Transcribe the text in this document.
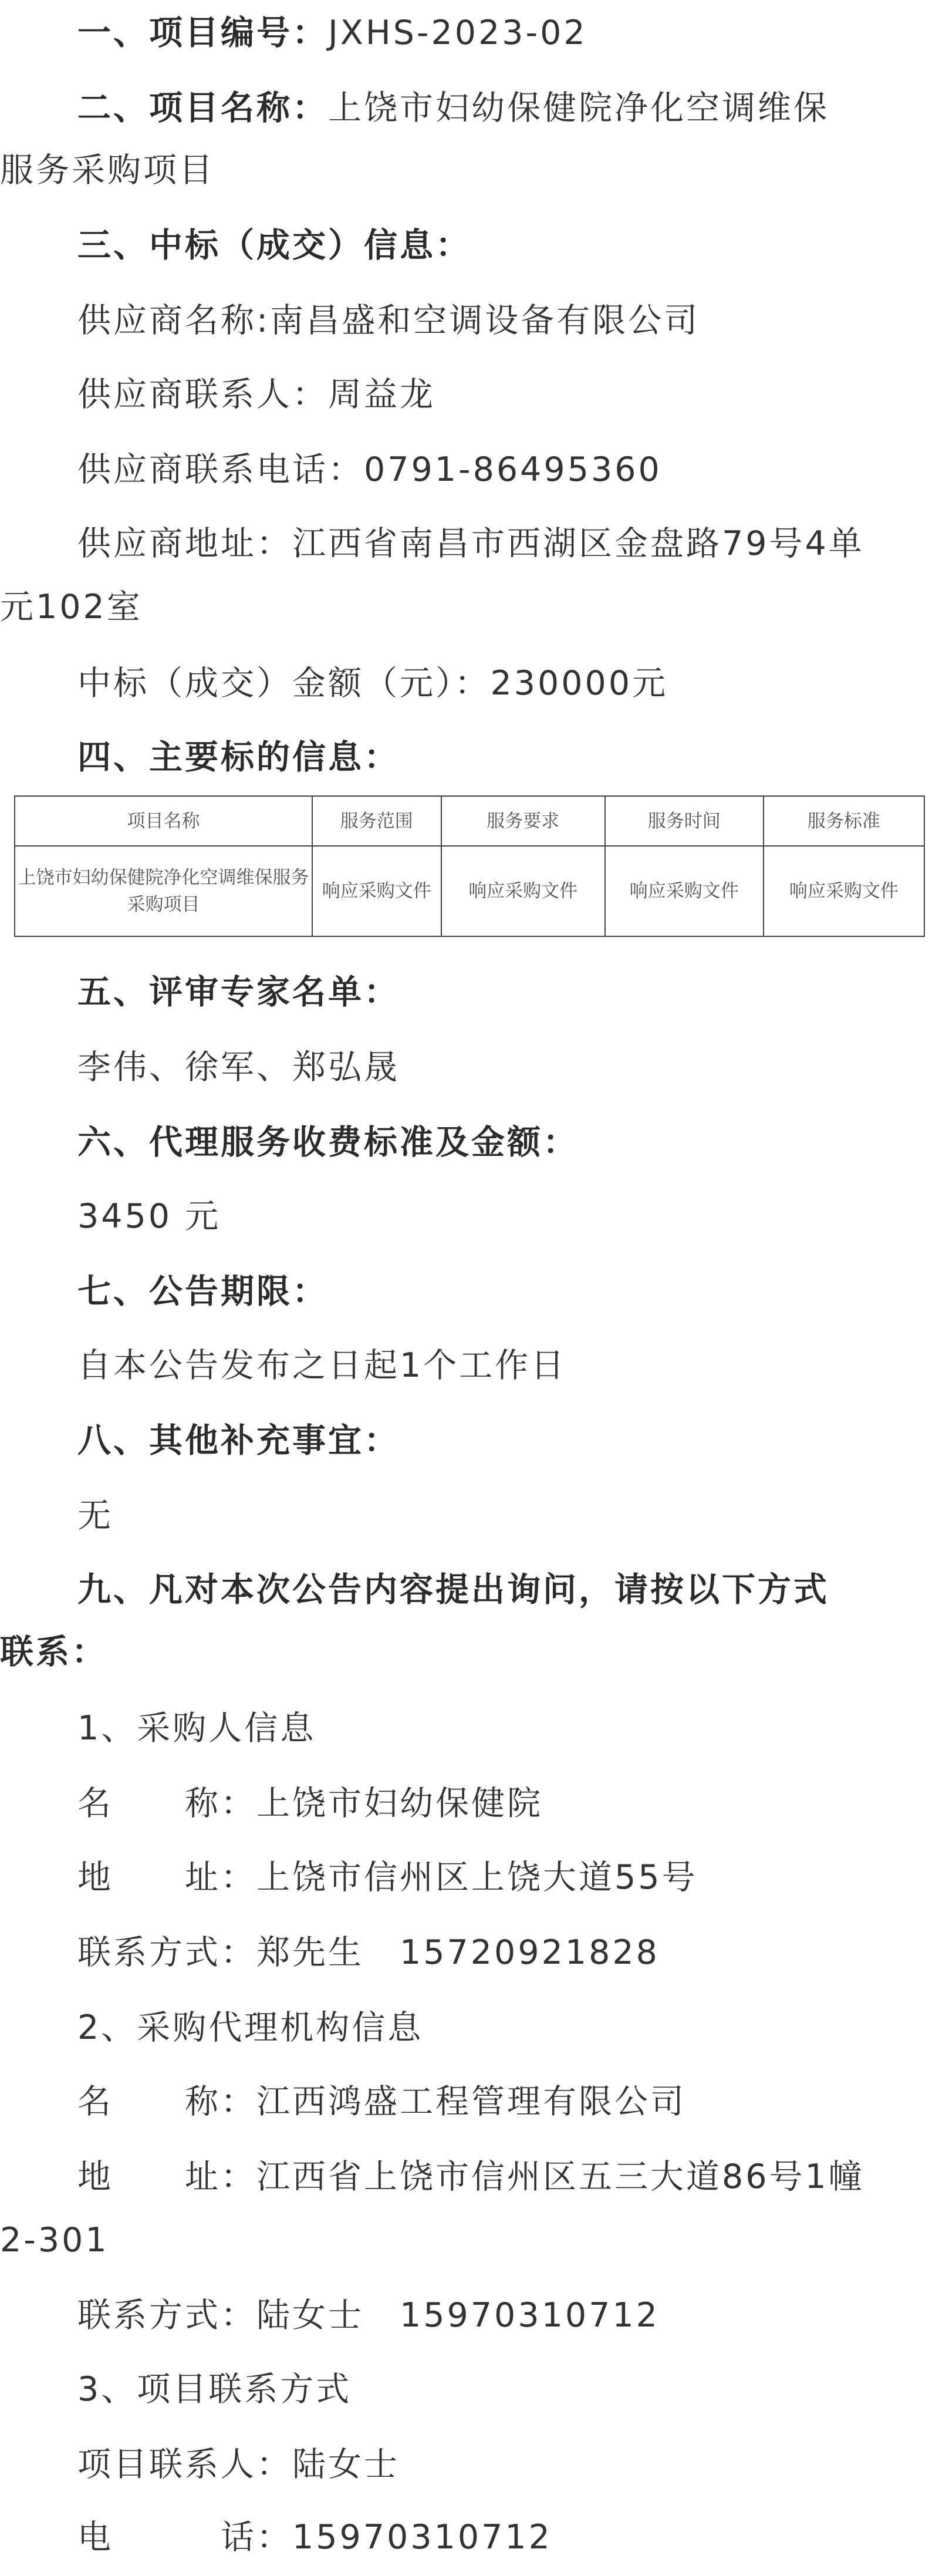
一、项目编号：JXHS-2023-02
二、项目名称：上饶市妇幼保健院净化空调维保
服务采购项目
三、中标（成交）信息：
供应商名称:南昌盛和空调设备有限公司
供应商联系人：周益龙
供应商联系电话：0791-86495360
供应商地址：江西省南昌市西湖区金盘路79号4单
元102室
中标（成交）金额（元）：230000元
四、主要标的信息：
项目名称	服务范围	服务要求	服务时间	服务标准
上饶市妇幼保健院净化空调维保服务采购项目	响应采购文件	响应采购文件	响应采购文件	响应采购文件
五、评审专家名单：
李伟、徐军、郑弘晟
六、代理服务收费标准及金额：
3450 元
七、公告期限：
自本公告发布之日起1个工作日
八、其他补充事宜：
无
九、凡对本次公告内容提出询问，请按以下方式
联系：
1、采购人信息
名　　称：上饶市妇幼保健院
地　　址：上饶市信州区上饶大道55号
联系方式：郑先生　15720921828
2、采购代理机构信息
名　　称：江西鸿盛工程管理有限公司
地　　址：江西省上饶市信州区五三大道86号1幢
2-301
联系方式：陆女士　15970310712
3、项目联系方式
项目联系人：陆女士
电　　　话：15970310712
